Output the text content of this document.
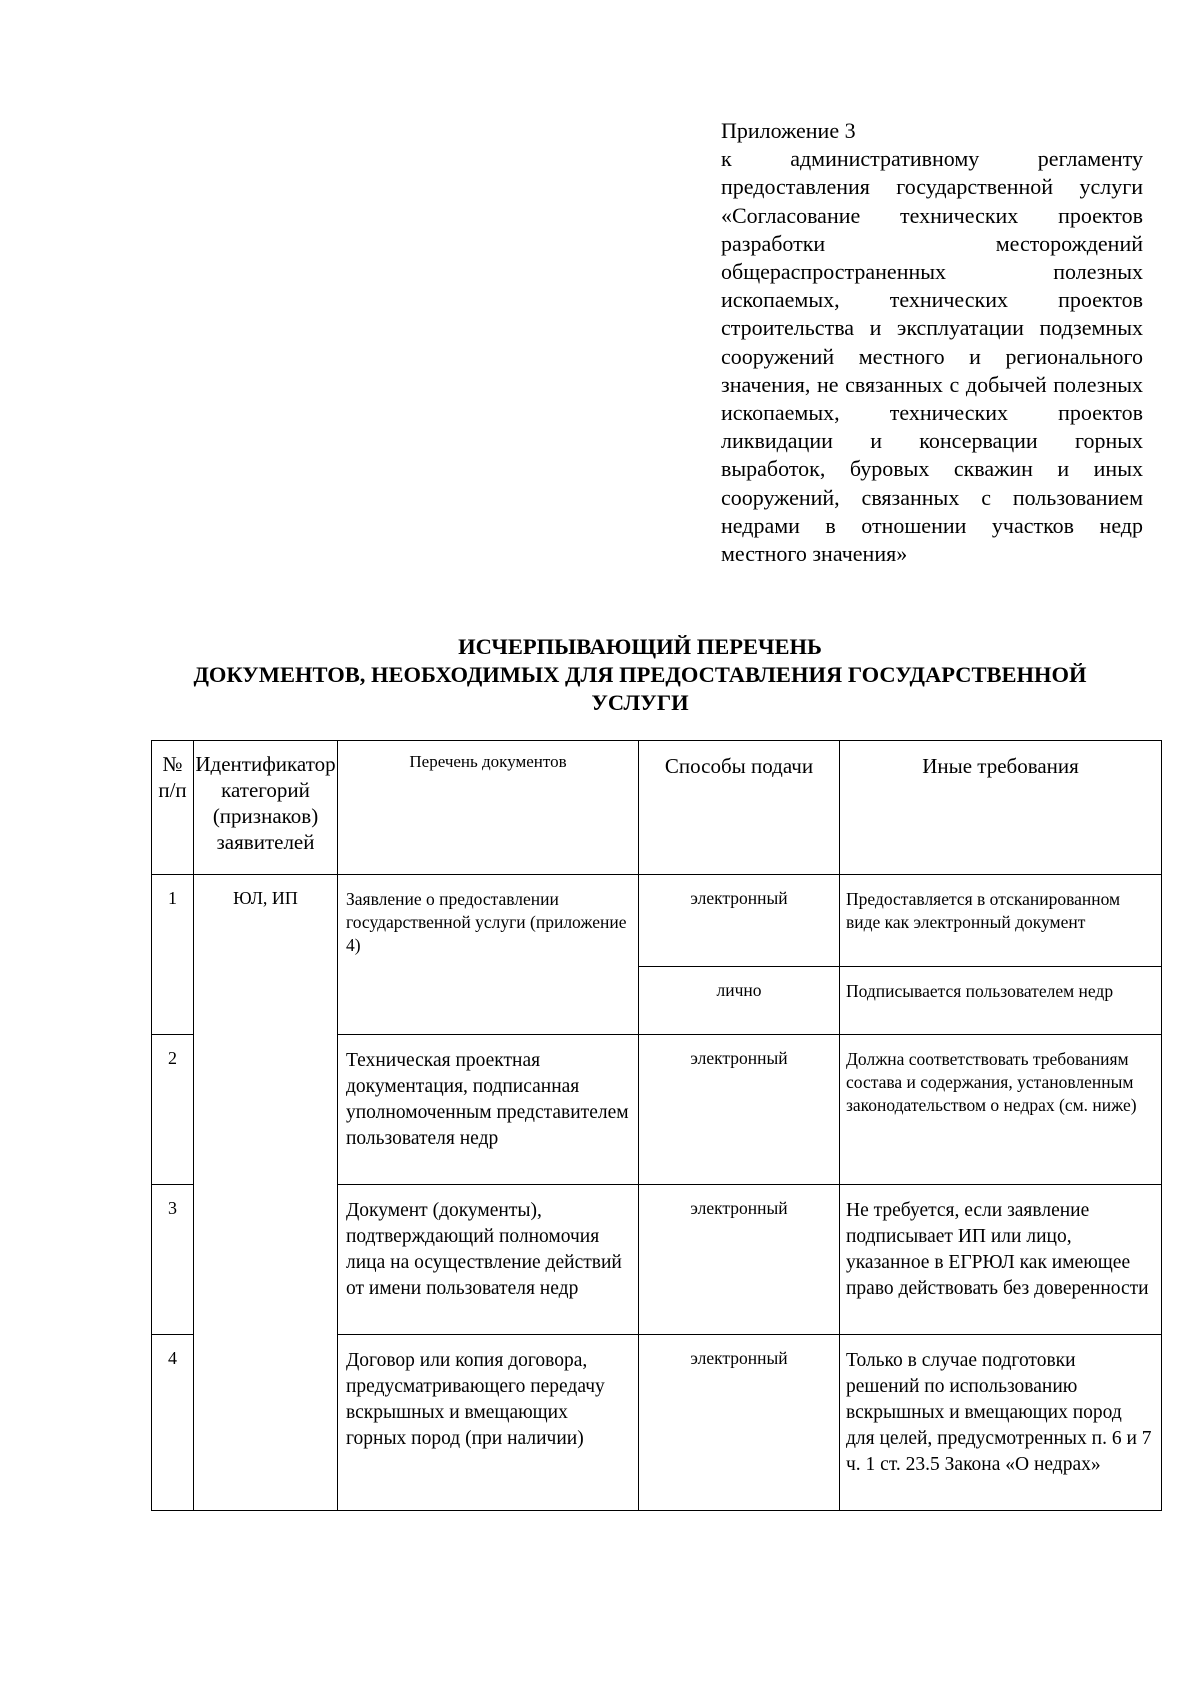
Приложение 3
к административному регламенту предоставления государственной услуги «Согласование технических проектов разработки месторождений общераспространенных полезных ископаемых, технических проектов строительства и эксплуатации подземных сооружений местного и регионального значения, не связанных с добычей полезных ископаемых, технических проектов ликвидации и консервации горных выработок, буровых скважин и иных сооружений, связанных с пользованием недрами в отношении участков недр местного значения»
ИСЧЕРПЫВАЮЩИЙ ПЕРЕЧЕНЬ
ДОКУМЕНТОВ, НЕОБХОДИМЫХ ДЛЯ ПРЕДОСТАВЛЕНИЯ ГОСУДАРСТВЕННОЙ
УСЛУГИ
№ п/п	Идентификатор категорий (признаков) заявителей	Перечень документов	Способы подачи	Иные требования
1	ЮЛ, ИП	Заявление о предоставлении государственной услуги (приложение 4)	электронный	Предоставляется в отсканированном виде как электронный документ
			лично	Подписывается пользователем недр
2		Техническая проектная документация, подписанная уполномоченным представителем пользователя недр	электронный	Должна соответствовать требованиям состава и содержания, установленным законодательством о недрах (см. ниже)
3		Документ (документы), подтверждающий полномочия лица на осуществление действий от имени пользователя недр	электронный	Не требуется, если заявление подписывает ИП или лицо, указанное в ЕГРЮЛ как имеющее право действовать без доверенности
4		Договор или копия договора, предусматривающего передачу вскрышных и вмещающих горных пород (при наличии)	электронный	Только в случае подготовки решений по использованию вскрышных и вмещающих пород для целей, предусмотренных п. 6 и 7 ч. 1 ст. 23.5 Закона «О недрах»
